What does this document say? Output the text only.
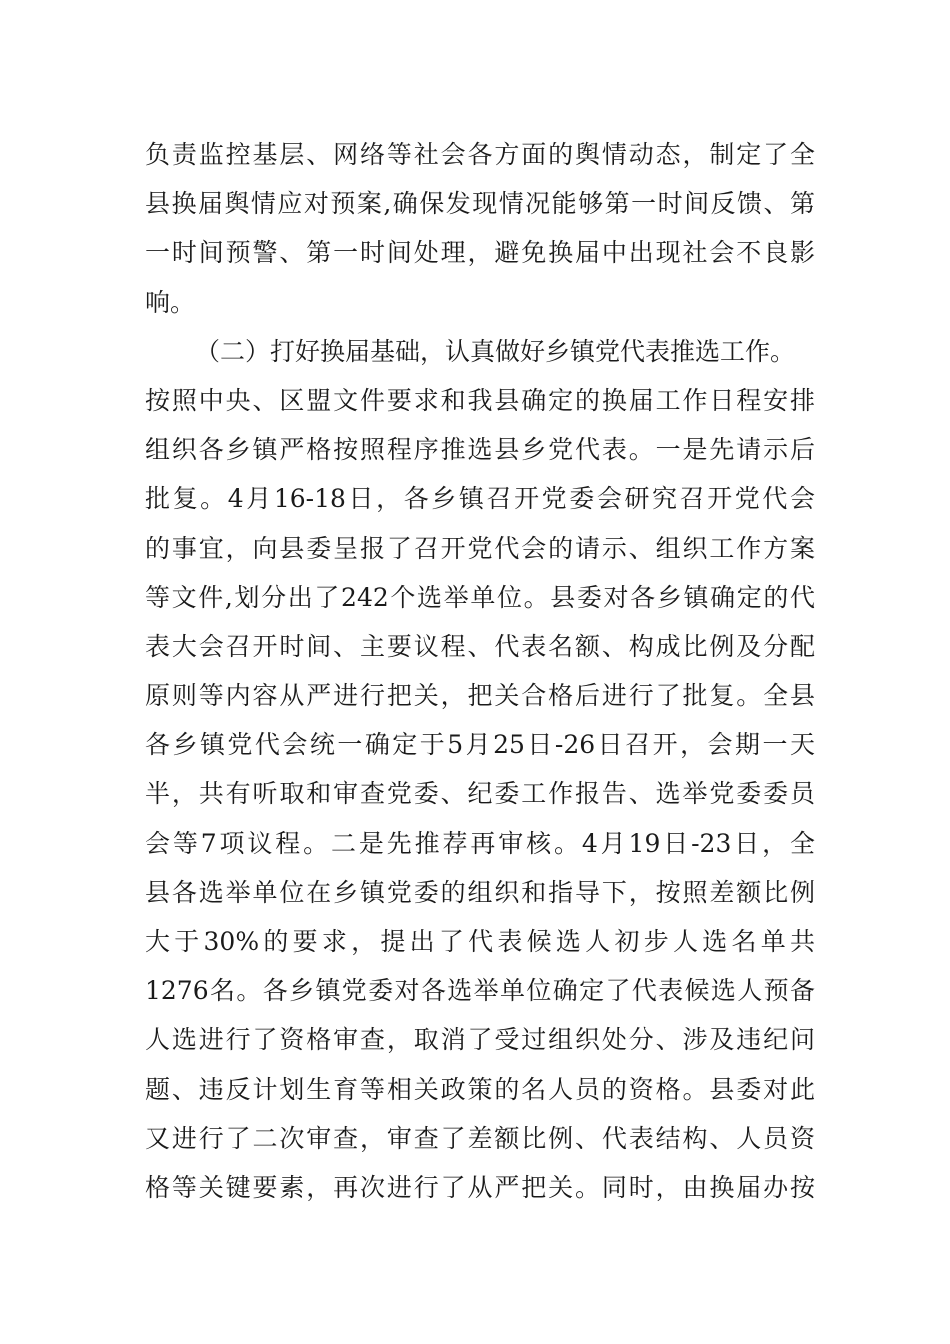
负责监控基层、网络等社会各方面的舆情动态，制定了全
县换届舆情应对预案,确保发现情况能够第一时间反馈、第
一时间预警、第一时间处理，避免换届中出现社会不良影
响。
（二）打好换届基础，认真做好乡镇党代表推选工作。
按照中央、区盟文件要求和我县确定的换届工作日程安排
组织各乡镇严格按照程序推选县乡党代表。一是先请示后
批复。4月16-18日，各乡镇召开党委会研究召开党代会
的事宜，向县委呈报了召开党代会的请示、组织工作方案
等文件,划分出了242个选举单位。县委对各乡镇确定的代
表大会召开时间、主要议程、代表名额、构成比例及分配
原则等内容从严进行把关，把关合格后进行了批复。全县
各乡镇党代会统一确定于5月25日-26日召开，会期一天
半，共有听取和审查党委、纪委工作报告、选举党委委员
会等7项议程。二是先推荐再审核。4月19日-23日，全
县各选举单位在乡镇党委的组织和指导下，按照差额比例
大于30%的要求，提出了代表候选人初步人选名单共
1276名。各乡镇党委对各选举单位确定了代表候选人预备
人选进行了资格审查，取消了受过组织处分、涉及违纪问
题、违反计划生育等相关政策的名人员的资格。县委对此
又进行了二次审查，审查了差额比例、代表结构、人员资
格等关键要素，再次进行了从严把关。同时，由换届办按
